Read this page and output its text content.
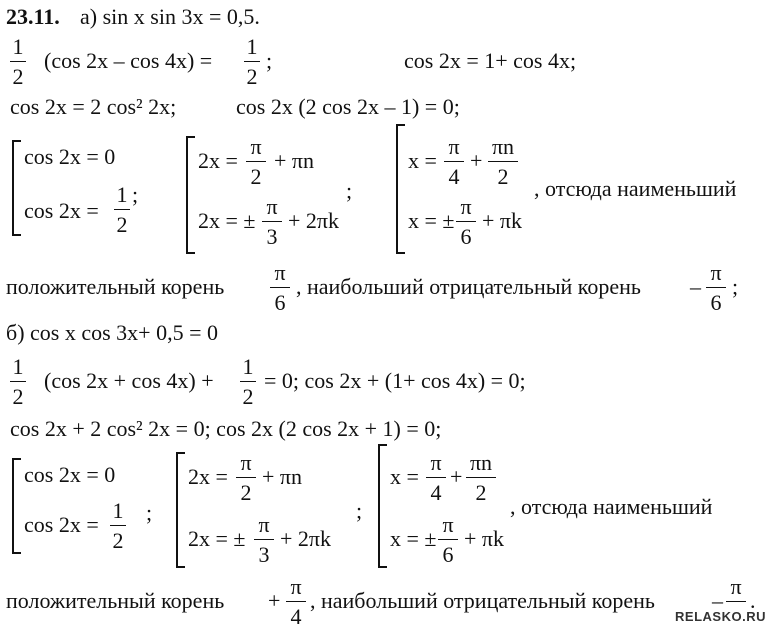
23.11. а) sin x sin 3x = 0,5.
1
2
(cos 2x – cos 4x) =
1
2
;	cos 2x = 1+ cos 4x;
cos 2x = 2 cos² 2x;	cos 2x (2 cos 2x – 1) = 0;
cos 2x = 0
cos 2x =
1
2
;
2x =
π
2
+ πn
2x = ±
π
3
+ 2πk
;
x =
π
4
+
πn
2
x = ±
π
6
+ πk
, отсюда наименьший
положительный корень
π
6
, наибольший отрицательный корень –
π
6
;
б) cos x cos 3x+ 0,5 = 0
1
2
(cos 2x + cos 4x) +
1
2
= 0; cos 2x + (1+ cos 4x) = 0;
cos 2x + 2 cos² 2x = 0; cos 2x (2 cos 2x + 1) = 0;
cos 2x = 0
cos 2x =
1
2
;
2x =
π
2
+ πn
2x = ±
π
3
+ 2πk
;
x =
π
4
+
πn
2
x = ±
π
6
+ πk
, отсюда наименьший
положительный корень +
π
4
, наибольший отрицательный корень	–
π
.
RELASKO.RU
